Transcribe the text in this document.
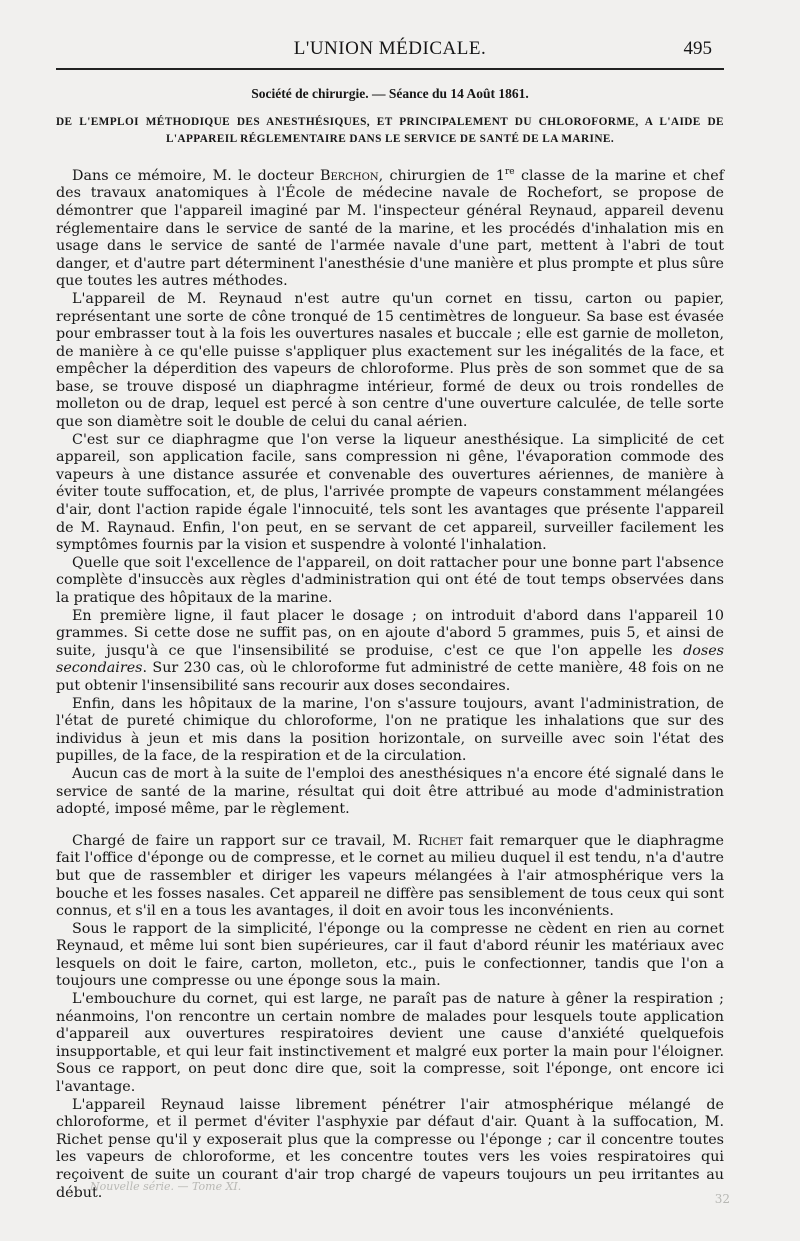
L'UNION MÉDICALE.	495
Société de chirurgie. — Séance du 14 Août 1861.
DE L'EMPLOI MÉTHODIQUE DES ANESTHÉSIQUES, ET PRINCIPALEMENT DU CHLOROFORME, A L'AIDE DE L'APPAREIL RÉGLEMENTAIRE DANS LE SERVICE DE SANTÉ DE LA MARINE.

Dans ce mémoire, M. le docteur Berchon, chirurgien de 1re classe de la marine et chef des travaux anatomiques à l'École de médecine navale de Rochefort, se propose de démontrer que l'appareil imaginé par M. l'inspecteur général Reynaud, appareil devenu réglementaire dans le service de santé de la marine, et les procédés d'inhalation mis en usage dans le service de santé de l'armée navale d'une part, mettent à l'abri de tout danger, et d'autre part déterminent l'anesthésie d'une manière et plus prompte et plus sûre que toutes les autres méthodes.

L'appareil de M. Reynaud n'est autre qu'un cornet en tissu, carton ou papier, représentant une sorte de cône tronqué de 15 centimètres de longueur. Sa base est évasée pour embrasser tout à la fois les ouvertures nasales et buccale ; elle est garnie de molleton, de manière à ce qu'elle puisse s'appliquer plus exactement sur les inégalités de la face, et empêcher la déperdition des vapeurs de chloroforme. Plus près de son sommet que de sa base, se trouve disposé un diaphragme intérieur, formé de deux ou trois rondelles de molleton ou de drap, lequel est percé à son centre d'une ouverture calculée, de telle sorte que son diamètre soit le double de celui du canal aérien.

C'est sur ce diaphragme que l'on verse la liqueur anesthésique. La simplicité de cet appareil, son application facile, sans compression ni gêne, l'évaporation commode des vapeurs à une distance assurée et convenable des ouvertures aériennes, de manière à éviter toute suffocation, et, de plus, l'arrivée prompte de vapeurs constamment mélangées d'air, dont l'action rapide égale l'innocuité, tels sont les avantages que présente l'appareil de M. Raynaud. Enfin, l'on peut, en se servant de cet appareil, surveiller facilement les symptômes fournis par la vision et suspendre à volonté l'inhalation.

Quelle que soit l'excellence de l'appareil, on doit rattacher pour une bonne part l'absence complète d'insuccès aux règles d'administration qui ont été de tout temps observées dans la pratique des hôpitaux de la marine.

En première ligne, il faut placer le dosage ; on introduit d'abord dans l'appareil 10 grammes. Si cette dose ne suffit pas, on en ajoute d'abord 5 grammes, puis 5, et ainsi de suite, jusqu'à ce que l'insensibilité se produise, c'est ce que l'on appelle les doses secondaires. Sur 230 cas, où le chloroforme fut administré de cette manière, 48 fois on ne put obtenir l'insensibilité sans recourir aux doses secondaires.

Enfin, dans les hôpitaux de la marine, l'on s'assure toujours, avant l'administration, de l'état de pureté chimique du chloroforme, l'on ne pratique les inhalations que sur des individus à jeun et mis dans la position horizontale, on surveille avec soin l'état des pupilles, de la face, de la respiration et de la circulation.

Aucun cas de mort à la suite de l'emploi des anesthésiques n'a encore été signalé dans le service de santé de la marine, résultat qui doit être attribué au mode d'administration adopté, imposé même, par le règlement.

Chargé de faire un rapport sur ce travail, M. Richet fait remarquer que le diaphragme fait l'office d'éponge ou de compresse, et le cornet au milieu duquel il est tendu, n'a d'autre but que de rassembler et diriger les vapeurs mélangées à l'air atmosphérique vers la bouche et les fosses nasales. Cet appareil ne diffère pas sensiblement de tous ceux qui sont connus, et s'il en a tous les avantages, il doit en avoir tous les inconvénients.

Sous le rapport de la simplicité, l'éponge ou la compresse ne cèdent en rien au cornet Reynaud, et même lui sont bien supérieures, car il faut d'abord réunir les matériaux avec lesquels on doit le faire, carton, molleton, etc., puis le confectionner, tandis que l'on a toujours une compresse ou une éponge sous la main.

L'embouchure du cornet, qui est large, ne paraît pas de nature à gêner la respiration ; néanmoins, l'on rencontre un certain nombre de malades pour lesquels toute application d'appareil aux ouvertures respiratoires devient une cause d'anxiété quelquefois insupportable, et qui leur fait instinctivement et malgré eux porter la main pour l'éloigner. Sous ce rapport, on peut donc dire que, soit la compresse, soit l'éponge, ont encore ici l'avantage.

L'appareil Reynaud laisse librement pénétrer l'air atmosphérique mélangé de chloroforme, et il permet d'éviter l'asphyxie par défaut d'air. Quant à la suffocation, M. Richet pense qu'il y exposerait plus que la compresse ou l'éponge ; car il concentre toutes les vapeurs de chloroforme, et les concentre toutes vers les voies respiratoires qui reçoivent de suite un courant d'air trop chargé de vapeurs toujours un peu irritantes au début.

Nouvelle série. — Tome XI.
32
